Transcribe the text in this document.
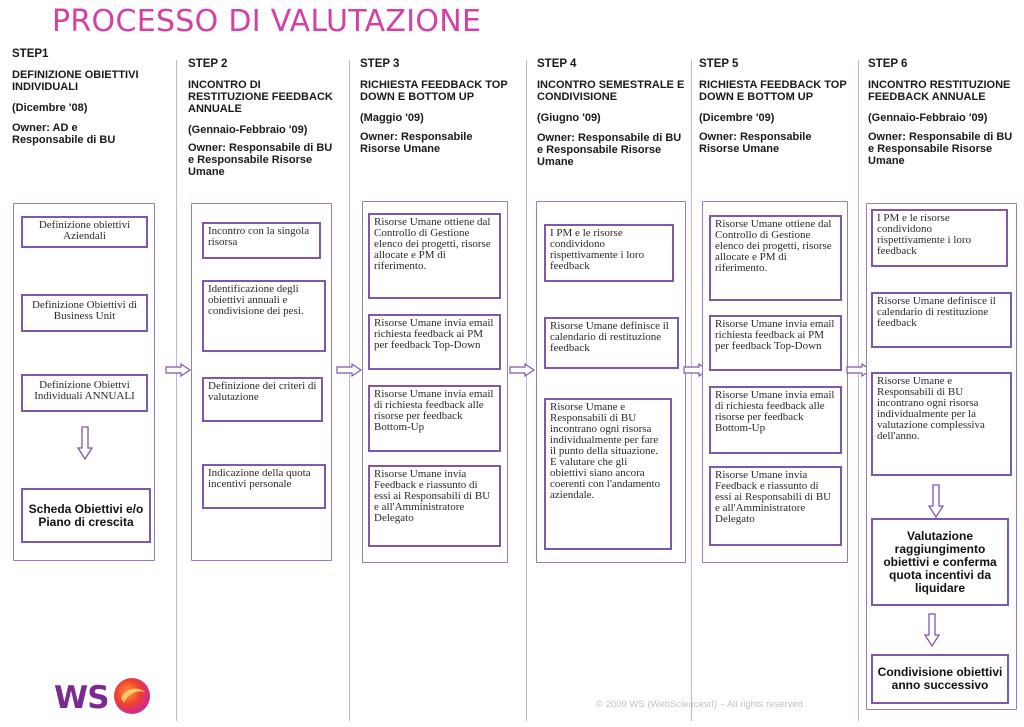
PROCESSO DI VALUTAZIONE
STEP1
DEFINIZIONE OBIETTIVI INDIVIDUALI
(Dicembre '08)
Owner: AD e Responsabile di BU
Definizione obiettivi Aziendali
Definizione Obiettivi di Business Unit
Definizione Obiettvi Individuali ANNUALI
Scheda Obiettivi e/o Piano di crescita
STEP 2
INCONTRO DI RESTITUZIONE FEEDBACK ANNUALE
(Gennaio-Febbraio '09)
Owner: Responsabile di BU e Responsabile Risorse Umane
Incontro con la singola risorsa
Identificazione degli obiettivi annuali e condivisione dei pesi.
Definizione dei criteri di valutazione
Indicazione della quota incentivi personale
STEP 3
RICHIESTA FEEDBACK TOP DOWN E BOTTOM UP
(Maggio '09)
Owner: Responsabile Risorse Umane
Risorse Umane ottiene dal Controllo di Gestione elenco dei progetti, risorse allocate e PM di riferimento.
Risorse Umane invia email richiesta feedback ai PM per feedback Top-Down
Risorse Umane invia email di richiesta feedback alle risorse per feedback Bottom-Up
Risorse Umane invia Feedback e riassunto di essi ai Responsabili di BU e all'Amministratore Delegato
STEP 4
INCONTRO SEMESTRALE E CONDIVISIONE
(Giugno '09)
Owner: Responsabile di BU e Responsabile Risorse Umane
I PM e le risorse condividono rispettivamente i loro feedback
Risorse Umane definisce il calendario di restituzione feedback
Risorse Umane e Responsabili di BU incontrano ogni risorsa individualmente per fare il punto della situazione. E valutare che gli obiettivi siano ancora coerenti con l'andamento aziendale.
STEP 5
RICHIESTA FEEDBACK TOP DOWN E BOTTOM UP
(Dicembre '09)
Owner: Responsabile Risorse Umane
Risorse Umane ottiene dal Controllo di Gestione elenco dei progetti, risorse allocate e PM di riferimento.
Risorse Umane invia email richiesta feedback ai PM per feedback Top-Down
Risorse Umane invia email di richiesta feedback alle risorse per feedback Bottom-Up
Risorse Umane invia Feedback e riassunto di essi ai Responsabili di BU e all'Amministratore Delegato
STEP 6
INCONTRO RESTITUZIONE FEEDBACK ANNUALE
(Gennaio-Febbraio '09)
Owner: Responsabile di BU e Responsabile Risorse Umane
I PM e le risorse condividono rispettivamente i loro feedback
Risorse Umane definisce il calendario di restituzione feedback
Risorse Umane e Responsabili di BU incontrano ogni risorsa individualmente per la valutazione complessiva dell'anno.
Valutazione raggiungimento obiettivi e conferma quota incentivi da liquidare
Condivisione obiettivi anno successivo
WS	© 2009 WS (WebSciencesrl) – All rights reserved
